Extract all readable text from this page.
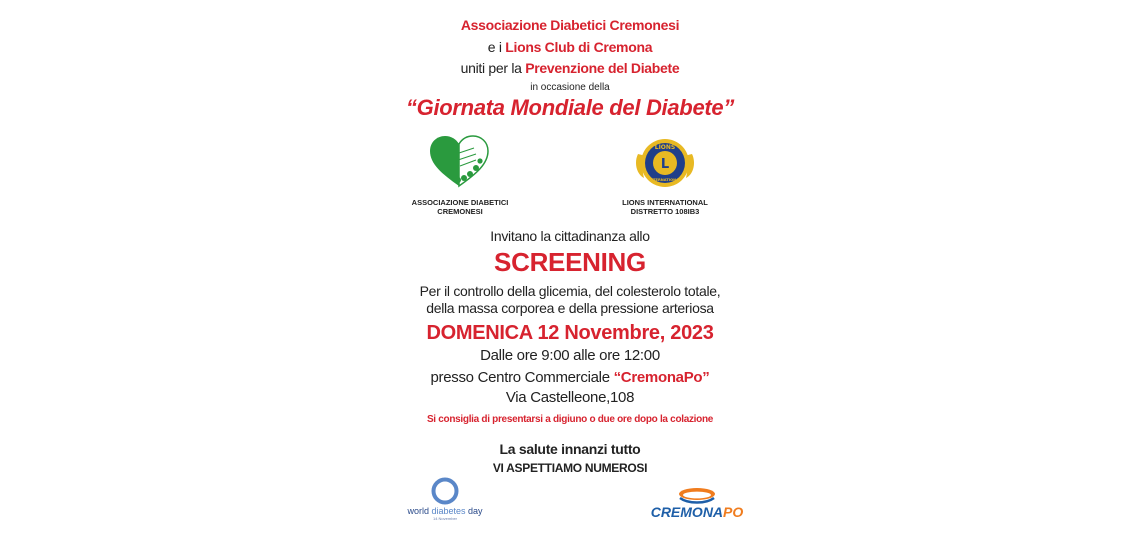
Associazione Diabetici Cremonesi
e i Lions Club di Cremona
uniti per la Prevenzione del Diabete
in occasione della
“Giornata Mondiale del Diabete”
ASSOCIAZIONE DIABETICI
CREMONESI
L
LIONS
INTERNATIONAL
LIONS INTERNATIONAL
DISTRETTO 108IB3
Invitano la cittadinanza allo
SCREENING
Per il controllo della glicemia, del colesterolo totale,
della massa corporea e della pressione arteriosa
DOMENICA 12 Novembre, 2023
Dalle ore 9:00 alle ore 12:00
presso Centro Commerciale “CremonaPo”
Via Castelleone,108
Si consiglia di presentarsi a digiuno o due ore dopo la colazione
La salute innanzi tutto
VI ASPETTIAMO NUMEROSI
world diabetes day
14 November	CREMONAPO
